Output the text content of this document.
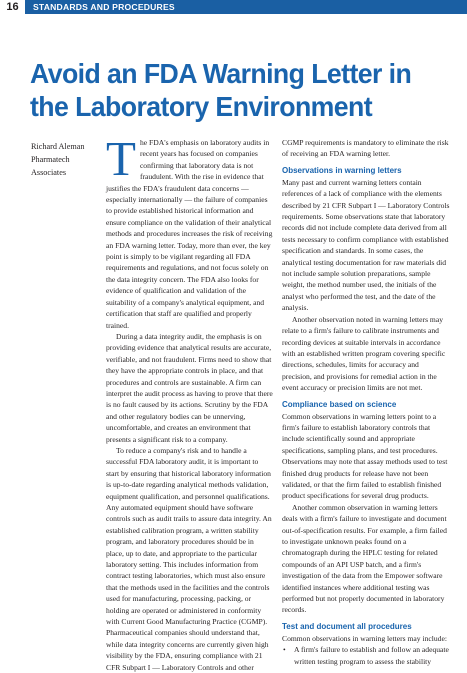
16	STANDARDS AND PROCEDURES
Avoid an FDA Warning Letter in the Laboratory Environment
Richard Aleman
Pharmatech
Associates The FDA's emphasis on laboratory audits in recent years has focused on companies confirming that laboratory data is not fraudulent. With the rise in evidence that justifies the FDA's fraudulent data concerns — especially internationally — the failure of companies to provide established historical information and ensure compliance on the validation of their analytical methods and procedures increases the risk of receiving an FDA warning letter. Today, more than ever, the key point is simply to be vigilant regarding all FDA requirements and regulations, and not focus solely on the data integrity concern. The FDA also looks for evidence of qualification and validation of the suitability of a company's analytical equipment, and certification that staff are qualified and properly trained.

During a data integrity audit, the emphasis is on providing evidence that analytical results are accurate, verifiable, and not fraudulent. Firms need to show that they have the appropriate controls in place, and that procedures and controls are sustainable. A firm can interpret the audit process as having to prove that there is no fault caused by its actions. Scrutiny by the FDA and other regulatory bodies can be unnerving, uncomfortable, and creates an environment that presents a significant risk to a company.

To reduce a company's risk and to handle a successful FDA laboratory audit, it is important to start by ensuring that historical laboratory information is up-to-date regarding analytical methods validation, equipment qualification, and personnel qualifications. Any automated equipment should have software controls such as audit trails to assure data integrity. An established calibration program, a written stability program, and laboratory procedures should be in place, up to date, and appropriate to the particular laboratory setting. This includes information from contract testing laboratories, which must also ensure that the methods used in the facilities and the controls used for manufacturing, processing, packing, or holding are operated or administered in conformity with Current Good Manufacturing Practice (CGMP). Pharmaceutical companies should understand that, while data integrity concerns are currently given high visibility by the FDA, ensuring compliance with 21 CFR Subpart I — Laboratory Controls and other

CGMP requirements is mandatory to eliminate the risk of receiving an FDA warning letter.

Observations in warning letters

Many past and current warning letters contain references of a lack of compliance with the elements described by 21 CFR Subpart I — Laboratory Controls requirements. Some observations state that laboratory records did not include complete data derived from all tests necessary to confirm compliance with established specification and standards. In some cases, the analytical testing documentation for raw materials did not include sample solution preparations, sample weight, the method number used, the initials of the analyst who performed the test, and the date of the analysis.

Another observation noted in warning letters may relate to a firm's failure to calibrate instruments and recording devices at suitable intervals in accordance with an established written program covering specific directions, schedules, limits for accuracy and precision, and provisions for remedial action in the event accuracy or precision limits are not met.

Compliance based on science

Common observations in warning letters point to a firm's failure to establish laboratory controls that include scientifically sound and appropriate specifications, sampling plans, and test procedures. Observations may note that assay methods used to test finished drug products for release have not been validated, or that the firm failed to establish finished product specifications for several drug products.

Another common observation in warning letters deals with a firm's failure to investigate and document out-of-specification results. For example, a firm failed to investigate unknown peaks found on a chromatograph during the HPLC testing for related compounds of an API USP batch, and a firm's investigation of the data from the Empower software identified instances where additional testing was performed but not properly documented in laboratory records.

Test and document all procedures

Common observations in warning letters may include:

• A firm's failure to establish and follow an adequate written testing program to assess the stability
